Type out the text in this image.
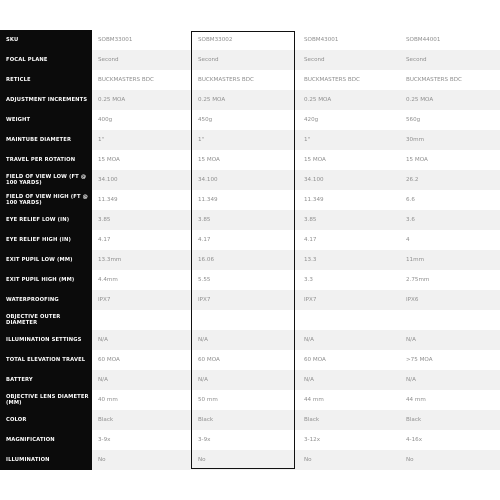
SKU	SOBM33001	SOBM33002	SOBM43001	SOBM44001
FOCAL PLANE	Second	Second	Second	Second
RETICLE	BUCKMASTERS BDC	BUCKMASTERS BDC	BUCKMASTERS BDC	BUCKMASTERS BDC
ADJUSTMENT INCREMENTS	0.25 MOA	0.25 MOA	0.25 MOA	0.25 MOA
WEIGHT	400g	450g	420g	560g
MAINTUBE DIAMETER	1"	1"	1"	30mm
TRAVEL PER ROTATION	15 MOA	15 MOA	15 MOA	15 MOA
FIELD OF VIEW LOW (FT @ 100 YARDS)	34.100	34.100	34.100	26.2
FIELD OF VIEW HIGH (FT @ 100 YARDS)	11.349	11.349	11.349	6.6
EYE RELIEF LOW (IN)	3.85	3.85	3.85	3.6
EYE RELIEF HIGH (IN)	4.17	4.17	4.17	4
EXIT PUPIL LOW (MM)	13.3mm	16.06	13.3	11mm
EXIT PUPIL HIGH (MM)	4.4mm	5.55	3.3	2.75mm
WATERPROOFING	IPX7	IPX7	IPX7	IPX6
OBJECTIVE OUTER DIAMETER
ILLUMINATION SETTINGS	N/A	N/A	N/A	N/A
TOTAL ELEVATION TRAVEL	60 MOA	60 MOA	60 MOA	>75 MOA
BATTERY	N/A	N/A	N/A	N/A
OBJECTIVE LENS DIAMETER (MM)	40 mm	50 mm	44 mm	44 mm
COLOR	Black	Black	Black	Black
MAGNIFICATION	3-9x	3-9x	3-12x	4-16x
ILLUMINATION	No	No	No	No
